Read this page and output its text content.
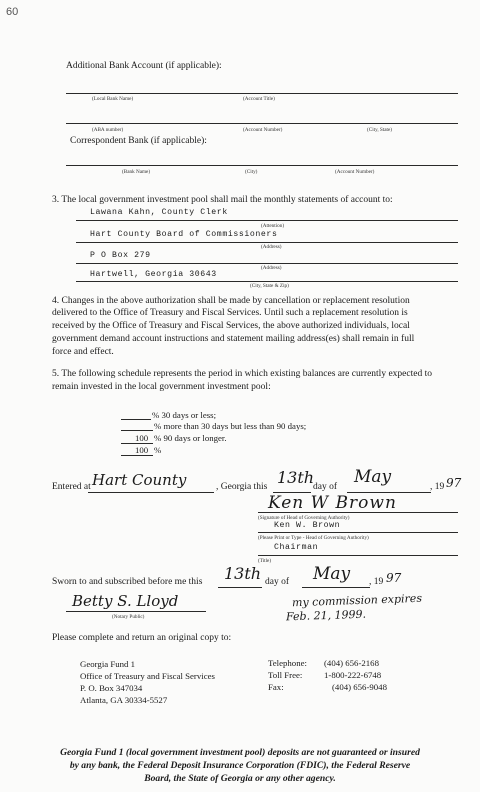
60
Additional Bank Account (if applicable):
(Local Bank Name)	(Account Title)
(ABA number)	(Account Number)	(City, State)
Correspondent Bank (if applicable):
(Bank Name)	(City)	(Account Number)
3. The local government investment pool shall mail the monthly statements of account to:
Lawana Kahn, County Clerk
(Attention)
Hart County Board of Commissioners
(Address)
P O Box 279
(Address)
Hartwell, Georgia 30643
(City, State & Zip)
4. Changes in the above authorization shall be made by cancellation or replacement resolution
delivered to the Office of Treasury and Fiscal Services. Until such a replacement resolution is
received by the Office of Treasury and Fiscal Services, the above authorized individuals, local
government demand account instructions and statement mailing address(es) shall remain in full
force and effect.
5. The following schedule represents the period in which existing balances are currently expected to
remain invested in the local government investment pool:
% 30 days or less;
% more than 30 days but less than 90 days;
100 % 90 days or longer.
100 %
Entered at Hart County	, Georgia this 13th
day of May	, 19 97
Ken W Brown
(Signature of Head of Governing Authority)
Ken W. Brown
(Please Print or Type - Head of Governing Authority)
Chairman
(Title)
Sworn to and subscribed before me this 13th day of May , 19 97
Betty S. Lloyd
(Notary Public)
my commission expires
Feb. 21, 1999.
Please complete and return an original copy to:
Georgia Fund 1
Office of Treasury and Fiscal Services
P. O. Box 347034
Atlanta, GA 30334-5527
Telephone: (404) 656-2168
Toll Free: 1-800-222-6748
Fax:	(404) 656-9048
Georgia Fund 1 (local government investment pool) deposits are not guaranteed or insured
by any bank, the Federal Deposit Insurance Corporation (FDIC), the Federal Reserve
Board, the State of Georgia or any other agency.
